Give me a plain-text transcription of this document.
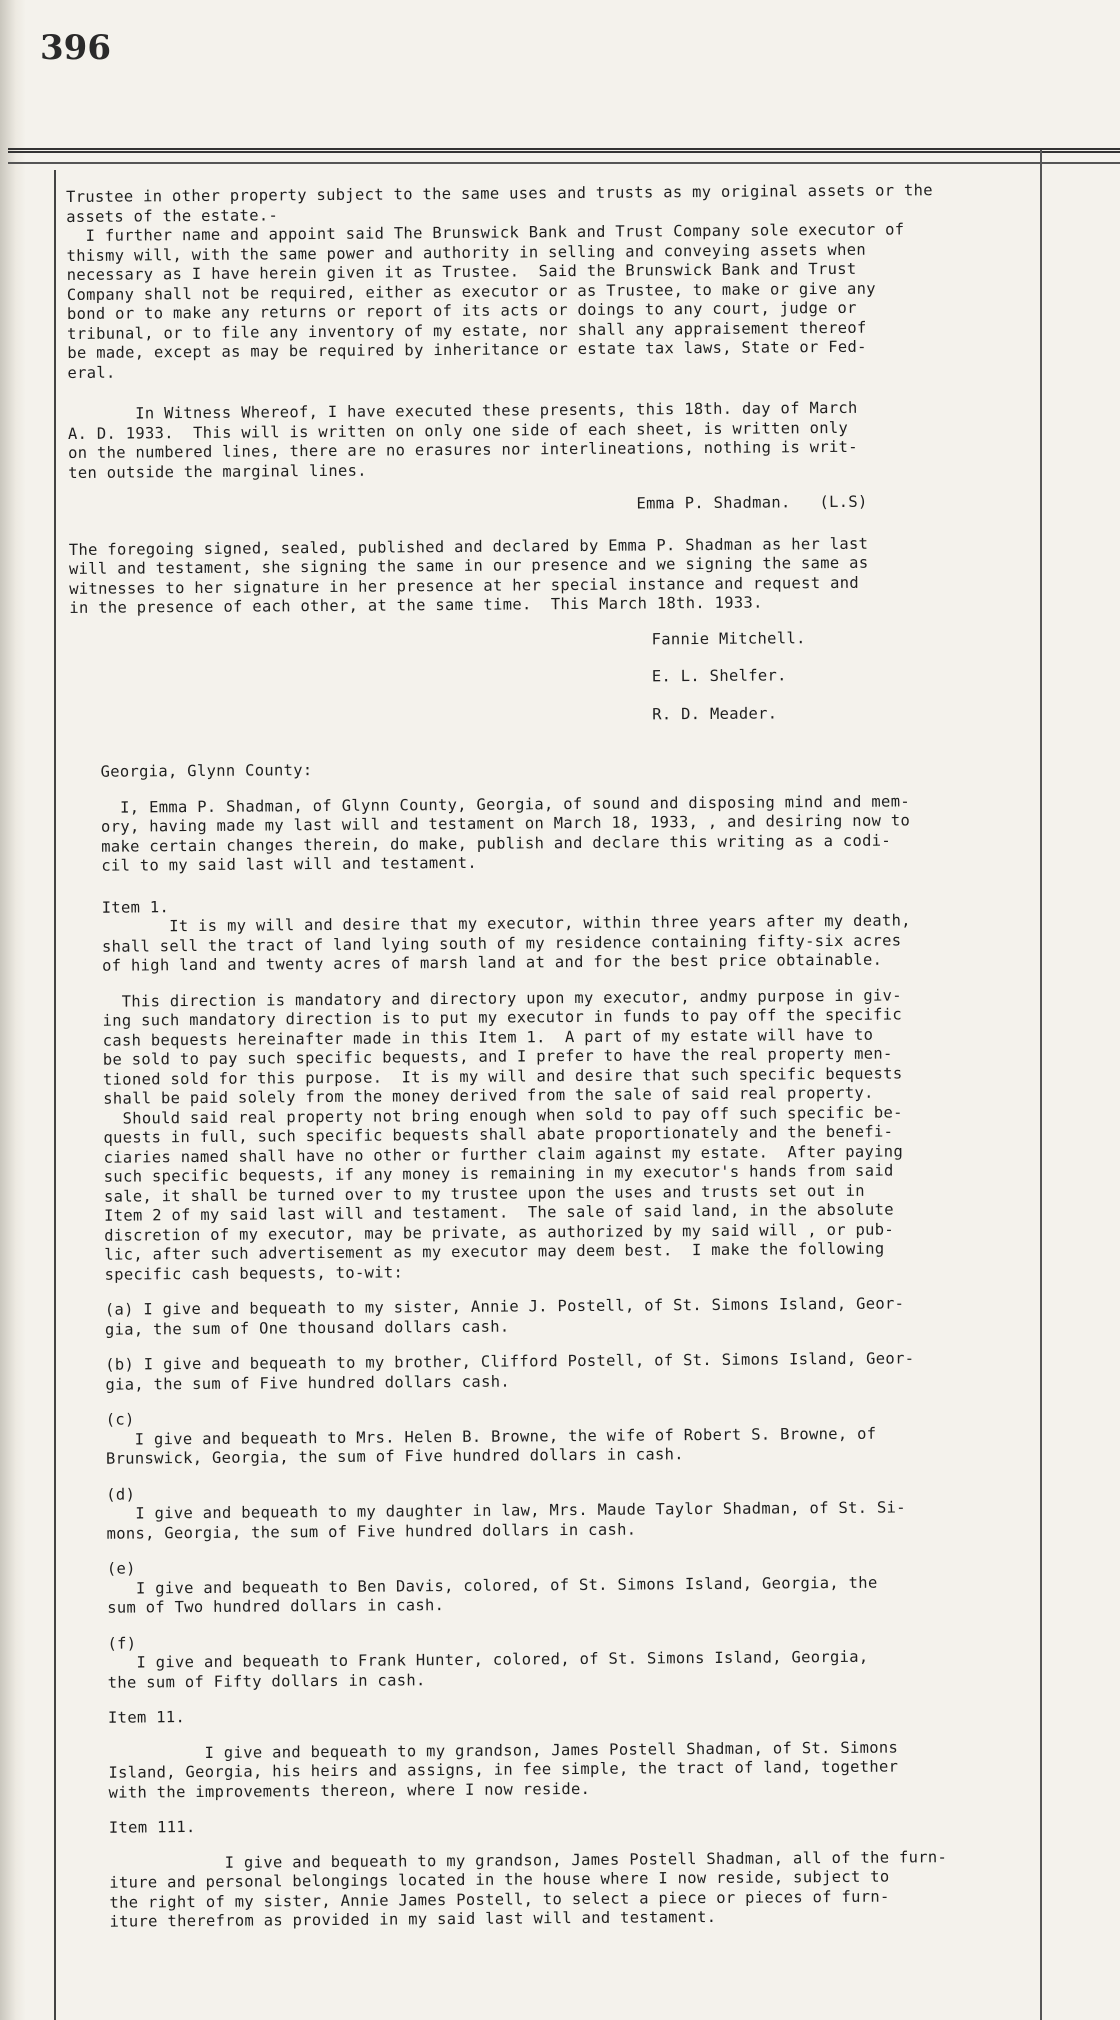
396

Trustee in other property subject to the same uses and trusts as my original assets or the
assets of the estate.-

I further name and appoint said The Brunswick Bank and Trust Company sole executor of
thismy will, with the same power and authority in selling and conveying assets when
necessary as I have herein given it as Trustee.  Said the Brunswick Bank and Trust
Company shall not be required, either as executor or as Trustee, to make or give any
bond or to make any returns or report of its acts or doings to any court, judge or
tribunal, or to file any inventory of my estate, nor shall any appraisement thereof
be made, except as may be required by inheritance or estate tax laws, State or Fed-
eral.

In Witness Whereof, I have executed these presents, this 18th. day of March
A. D. 1933.  This will is written on only one side of each sheet, is written only
on the numbered lines, there are no erasures nor interlineations, nothing is writ-
ten outside the marginal lines.

Emma P. Shadman.   (L.S)

The foregoing signed, sealed, published and declared by Emma P. Shadman as her last
will and testament, she signing the same in our presence and we signing the same as
witnesses to her signature in her presence at her special instance and request and
in the presence of each other, at the same time.  This March 18th. 1933.

Fannie Mitchell.

E. L. Shelfer.

R. D. Meader.

Georgia, Glynn County:

I, Emma P. Shadman, of Glynn County, Georgia, of sound and disposing mind and mem-
ory, having made my last will and testament on March 18, 1933, , and desiring now to
make certain changes therein, do make, publish and declare this writing as a codi-
cil to my said last will and testament.

Item 1.

It is my will and desire that my executor, within three years after my death,
shall sell the tract of land lying south of my residence containing fifty-six acres
of high land and twenty acres of marsh land at and for the best price obtainable.

This direction is mandatory and directory upon my executor, andmy purpose in giv-
ing such mandatory direction is to put my executor in funds to pay off the specific
cash bequests hereinafter made in this Item 1.  A part of my estate will have to
be sold to pay such specific bequests, and I prefer to have the real property men-
tioned sold for this purpose.  It is my will and desire that such specific bequests
shall be paid solely from the money derived from the sale of said real property.
Should said real property not bring enough when sold to pay off such specific be-
quests in full, such specific bequests shall abate proportionately and the benefi-
ciaries named shall have no other or further claim against my estate.  After paying
such specific bequests, if any money is remaining in my executor's hands from said
sale, it shall be turned over to my trustee upon the uses and trusts set out in
Item 2 of my said last will and testament.  The sale of said land, in the absolute
discretion of my executor, may be private, as authorized by my said will , or pub-
lic, after such advertisement as my executor may deem best.  I make the following
specific cash bequests, to-wit:

(a) I give and bequeath to my sister, Annie J. Postell, of St. Simons Island, Geor-
gia, the sum of One thousand dollars cash.

(b) I give and bequeath to my brother, Clifford Postell, of St. Simons Island, Geor-
gia, the sum of Five hundred dollars cash.

(c)

I give and bequeath to Mrs. Helen B. Browne, the wife of Robert S. Browne, of
Brunswick, Georgia, the sum of Five hundred dollars in cash.

(d)

I give and bequeath to my daughter in law, Mrs. Maude Taylor Shadman, of St. Si-
mons, Georgia, the sum of Five hundred dollars in cash.

(e)

I give and bequeath to Ben Davis, colored, of St. Simons Island, Georgia, the
sum of Two hundred dollars in cash.

(f)

I give and bequeath to Frank Hunter, colored, of St. Simons Island, Georgia,
the sum of Fifty dollars in cash.

Item 11.

I give and bequeath to my grandson, James Postell Shadman, of St. Simons
Island, Georgia, his heirs and assigns, in fee simple, the tract of land, together
with the improvements thereon, where I now reside.

Item 111.

I give and bequeath to my grandson, James Postell Shadman, all of the furn-
iture and personal belongings located in the house where I now reside, subject to
the right of my sister, Annie James Postell, to select a piece or pieces of furn-
iture therefrom as provided in my said last will and testament.
